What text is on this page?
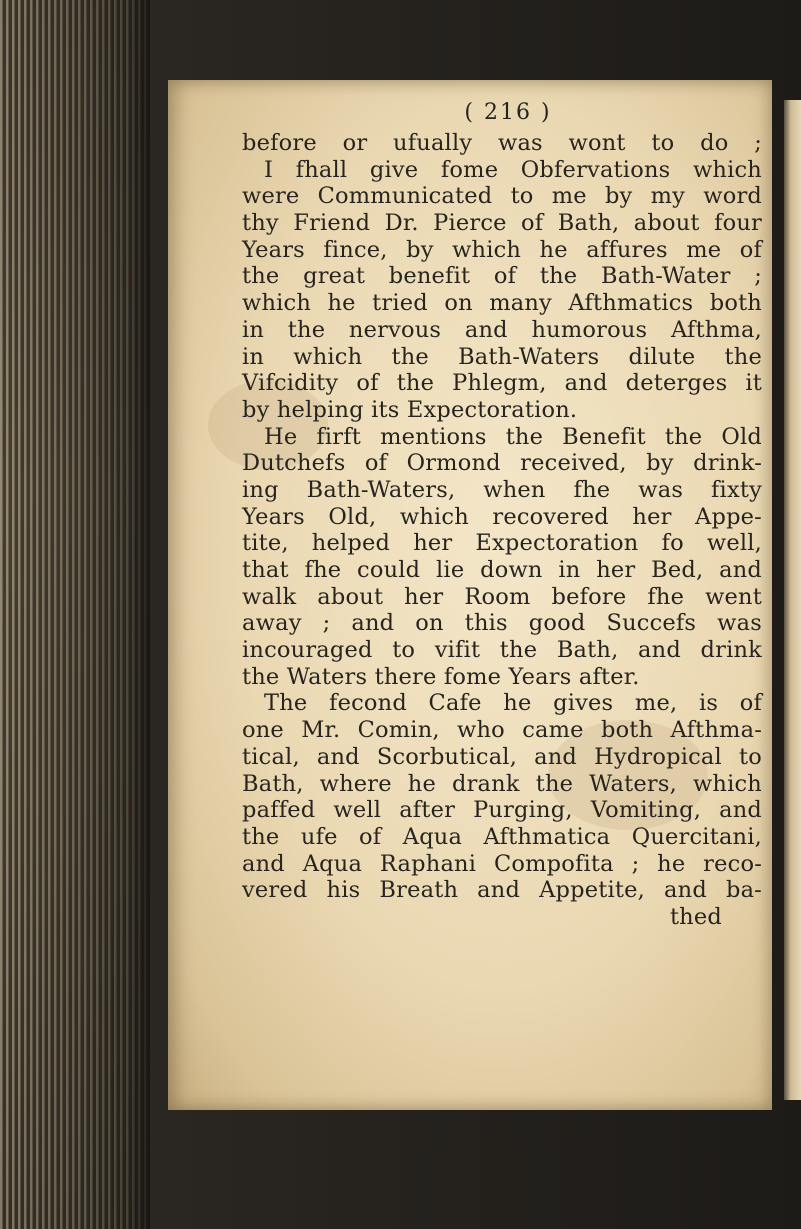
( 216 )
before or ufually was wont to do ;
I fhall give fome Obfervations which
were Communicated to me by my word
thy Friend Dr. Pierce of Bath, about four
Years fince, by which he affures me of
the great benefit of the Bath-Water ;
which he tried on many Afthmatics both
in the nervous and humorous Afthma,
in which the Bath-Waters dilute the
Vifcidity of the Phlegm, and deterges it
by helping its Expectoration.
He firft mentions the Benefit the Old
Dutchefs of Ormond received, by drink-
ing Bath-Waters, when fhe was fixty
Years Old, which recovered her Appe-
tite, helped her Expectoration fo well,
that fhe could lie down in her Bed, and
walk about her Room before fhe went
away ; and on this good Succefs was
incouraged to vifit the Bath, and drink
the Waters there fome Years after.
The fecond Cafe he gives me, is of
one Mr. Comin, who came both Afthma-
tical, and Scorbutical, and Hydropical to
Bath, where he drank the Waters, which
paffed well after Purging, Vomiting, and
the ufe of Aqua Afthmatica Quercitani,
and Aqua Raphani Compofita ; he reco-
vered his Breath and Appetite, and ba-
thed
